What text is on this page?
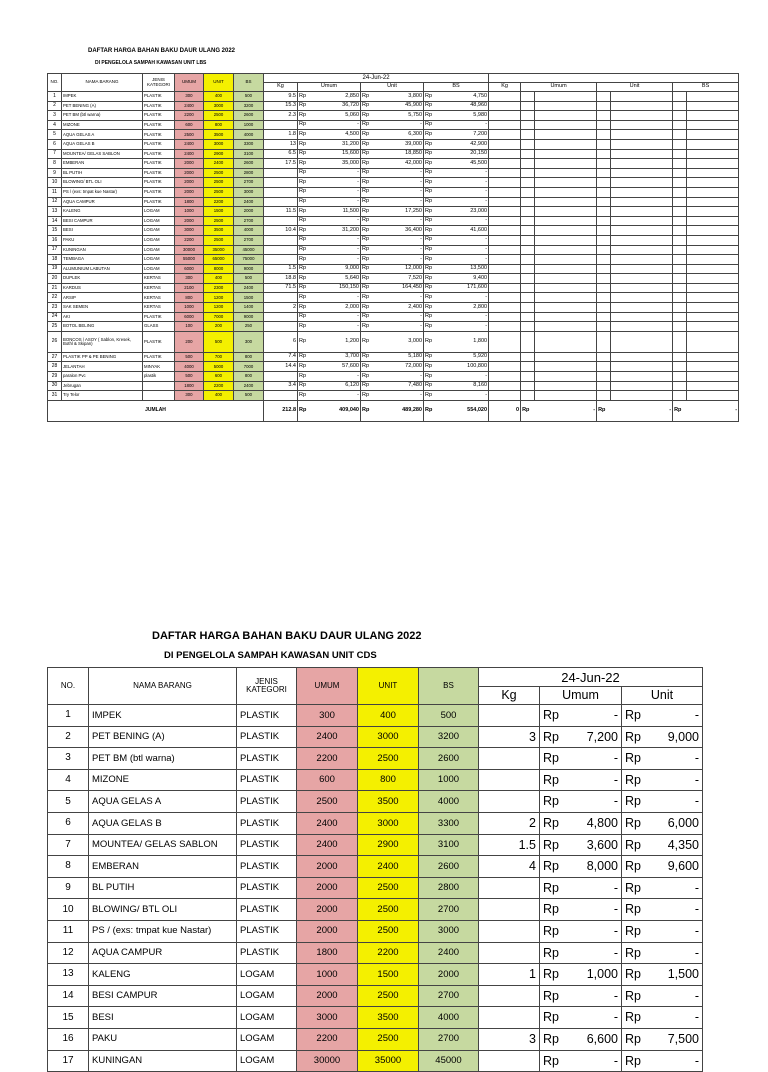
DAFTAR HARGA BAHAN BAKU DAUR ULANG 2022
DI PENGELOLA SAMPAH KAWASAN UNIT LBS
NO.	NAMA BARANG	JENIS KATEGORI	UMUM	UNIT	BS	24-Jun-22													
						Kg	Umum		Unit		BS		Kg	Umum		Unit		BS	
1	IMPEK	PLASTIK	300	400	500	9.5	Rp	2,850	Rp	3,800	Rp	4,750							
2	PET BENING (A)	PLASTIK	2400	3000	3200	15.3	Rp	36,720	Rp	45,900	Rp	48,960							
3	PET BM (btl warna)	PLASTIK	2200	2500	2600	2.3	Rp	5,060	Rp	5,750	Rp	5,980							
4	MIZONE	PLASTIK	600	800	1000		Rp	-	Rp	-	Rp	-							
5	AQUA GELAS A	PLASTIK	2500	3500	4000	1.8	Rp	4,500	Rp	6,300	Rp	7,200							
6	AQUA GELAS B	PLASTIK	2400	3000	3300	13	Rp	31,200	Rp	39,000	Rp	42,900							
7	MOUNTEA/ GELAS SABLON	PLASTIK	2400	2900	3100	6.5	Rp	15,600	Rp	18,850	Rp	20,150							
8	EMBERAN	PLASTIK	2000	2400	2600	17.5	Rp	35,000	Rp	42,000	Rp	45,500							
9	BL PUTIH	PLASTIK	2000	2500	2800		Rp	-	Rp	-	Rp	-							
10	BLOWING/ BTL OLI	PLASTIK	2000	2500	2700		Rp	-	Rp	-	Rp	-							
11	PS / (exs: tmpat kue Nastar)	PLASTIK	2000	2500	3000		Rp	-	Rp	-	Rp	-							
12	AQUA CAMPUR	PLASTIK	1800	2200	2400		Rp	-	Rp	-	Rp	-							
13	KALENG	LOGAM	1000	1500	2000	11.5	Rp	11,500	Rp	17,250	Rp	23,000							
14	BESI CAMPUR	LOGAM	2000	2500	2700		Rp	-	Rp	-	Rp	-							
15	BESI	LOGAM	3000	3500	4000	10.4	Rp	31,200	Rp	36,400	Rp	41,600							
16	PAKU	LOGAM	2200	2500	2700		Rp	-	Rp	-	Rp	-							
17	KUNINGAN	LOGAM	30000	35000	45000		Rp	-	Rp	-	Rp	-							
18	TEMBAGA	LOGAM	55000	65000	75000		Rp	-	Rp	-	Rp	-							
19	ALUMUNIUM LABUTAN	LOGAM	6000	8000	9000	1.5	Rp	9,000	Rp	12,000	Rp	13,500							
20	DUPLEK	KERTAS	300	400	500	18.8	Rp	5,640	Rp	7,520	Rp	9,400							
21	KARDUS	KERTAS	2100	2300	2400	71.5	Rp	150,150	Rp	164,450	Rp	171,600							
22	ARSIP	KERTAS	800	1200	1500		Rp	-	Rp	-	Rp	-							
23	SAK SEMEN	KERTAS	1000	1200	1400	2	Rp	2,000	Rp	2,400	Rp	2,800							
24	AKI	PLASTIK	6000	7000	9000		Rp	-	Rp	-	Rp	-							
25	BOTOL BELING	GLASS	100	200	250		Rp	-	Rp	-	Rp	-							
26	BONCOS / ASOY ( Sablon, Kresek, Bothl & Skipan)	PLASTIK	200	500	300	6	Rp	1,200	Rp	3,000	Rp	1,800							
27	PLASTIK PP & PE BENING	PLASTIK	500	700	800	7.4	Rp	3,700	Rp	5,180	Rp	5,920							
28	JELANTAH	MINYAK	4000	5000	7000	14.4	Rp	57,600	Rp	72,000	Rp	100,800							
29	paralon Pvc	plastik	500	600	800		Rp	-	Rp	-	Rp	-							
30	Jebrugan		1800	2200	2400	3.4	Rp	6,120	Rp	7,480	Rp	8,160							
31	Try Telor		300	400	500		Rp	-	Rp	-	Rp	-							
JUMLAH						212.8	Rp	409,040	Rp	489,280	Rp	554,020	0	Rp	-	Rp	-	Rp	-
DAFTAR HARGA BAHAN BAKU DAUR ULANG 2022
DI PENGELOLA SAMPAH KAWASAN UNIT CDS
NO.	NAMA BARANG	JENIS KATEGORI	UMUM	UNIT	BS	24-Jun-22				
						Kg	Umum		Unit	
1	IMPEK	PLASTIK	300	400	500		Rp	-	Rp	-
2	PET BENING (A)	PLASTIK	2400	3000	3200	3	Rp	7,200	Rp	9,000
3	PET BM (btl warna)	PLASTIK	2200	2500	2600		Rp	-	Rp	-
4	MIZONE	PLASTIK	600	800	1000		Rp	-	Rp	-
5	AQUA GELAS A	PLASTIK	2500	3500	4000		Rp	-	Rp	-
6	AQUA GELAS B	PLASTIK	2400	3000	3300	2	Rp	4,800	Rp	6,000
7	MOUNTEA/ GELAS SABLON	PLASTIK	2400	2900	3100	1.5	Rp	3,600	Rp	4,350
8	EMBERAN	PLASTIK	2000	2400	2600	4	Rp	8,000	Rp	9,600
9	BL PUTIH	PLASTIK	2000	2500	2800		Rp	-	Rp	-
10	BLOWING/ BTL OLI	PLASTIK	2000	2500	2700		Rp	-	Rp	-
11	PS / (exs: tmpat kue Nastar)	PLASTIK	2000	2500	3000		Rp	-	Rp	-
12	AQUA CAMPUR	PLASTIK	1800	2200	2400		Rp	-	Rp	-
13	KALENG	LOGAM	1000	1500	2000	1	Rp	1,000	Rp	1,500
14	BESI CAMPUR	LOGAM	2000	2500	2700		Rp	-	Rp	-
15	BESI	LOGAM	3000	3500	4000		Rp	-	Rp	-
16	PAKU	LOGAM	2200	2500	2700	3	Rp	6,600	Rp	7,500
17	KUNINGAN	LOGAM	30000	35000	45000		Rp	-	Rp	-
